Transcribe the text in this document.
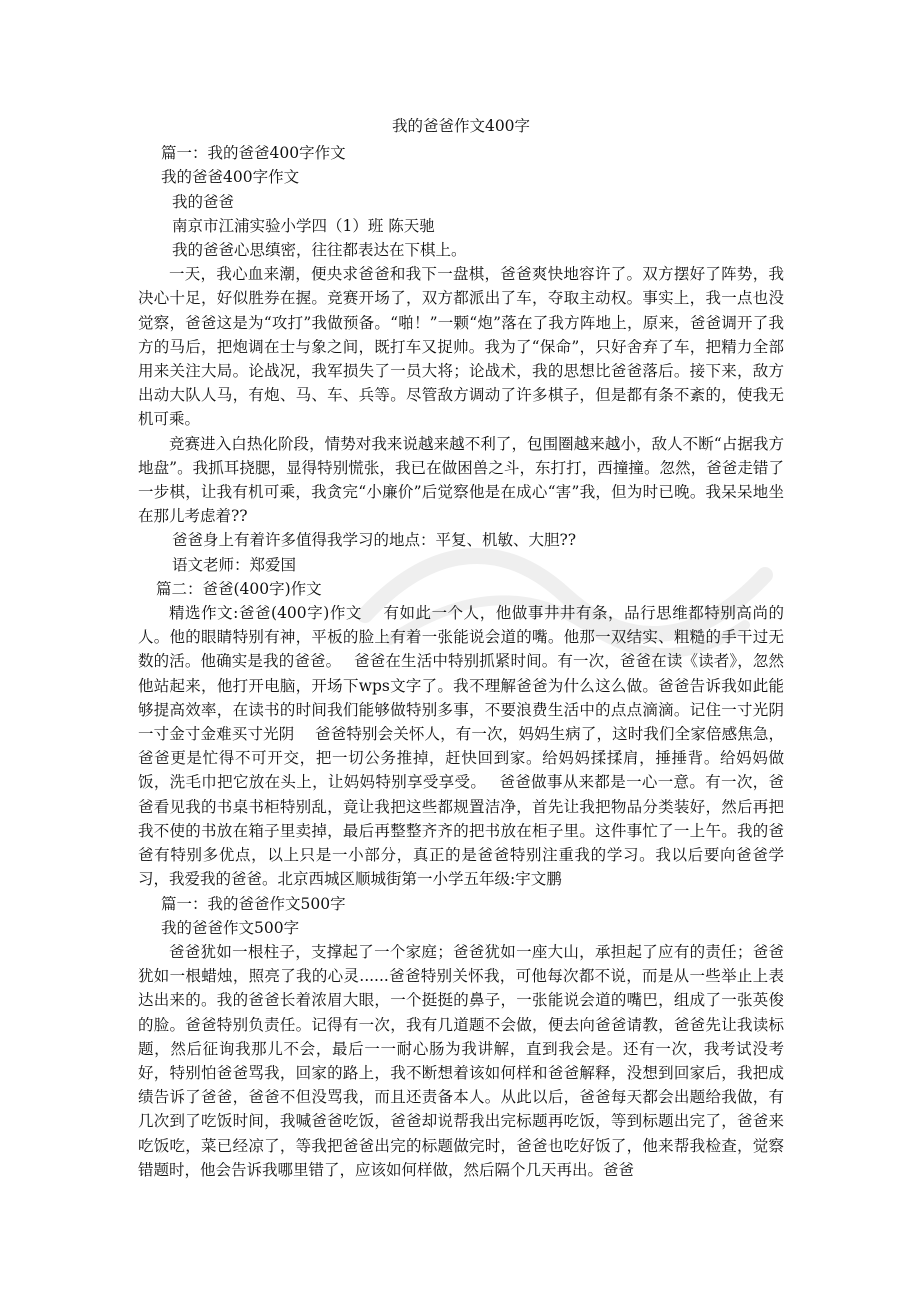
我的爸爸作文400字
篇一：我的爸爸400字作文
我的爸爸400字作文
我的爸爸
南京市江浦实验小学四（1）班 陈天驰
我的爸爸心思缜密，往往都表达在下棋上。
一天，我心血来潮，便央求爸爸和我下一盘棋，爸爸爽快地容许了。双方摆好了阵势，我决心十足，好似胜券在握。竞赛开场了，双方都派出了车，夺取主动权。事实上，我一点也没觉察，爸爸这是为“攻打”我做预备。“啪！”一颗“炮”落在了我方阵地上，原来，爸爸调开了我方的马后，把炮调在士与象之间，既打车又捉帅。我为了“保命”，只好舍弃了车，把精力全部用来关注大局。论战况，我军损失了一员大将；论战术，我的思想比爸爸落后。接下来，敌方出动大队人马，有炮、马、车、兵等。尽管敌方调动了许多棋子，但是都有条不紊的，使我无机可乘。
竞赛进入白热化阶段，情势对我来说越来越不利了，包围圈越来越小，敌人不断“占据我方地盘”。我抓耳挠腮，显得特别慌张，我已在做困兽之斗，东打打，西撞撞。忽然，爸爸走错了一步棋，让我有机可乘，我贪完“小廉价”后觉察他是在成心“害”我，但为时已晚。我呆呆地坐在那儿考虑着??
爸爸身上有着许多值得我学习的地点：平复、机敏、大胆??
语文老师：郑爱国
篇二：爸爸(400字)作文
精选作文:爸爸(400字)作文　 有如此一个人，他做事井井有条，品行思维都特别高尚的人。他的眼睛特别有神，平板的脸上有着一张能说会道的嘴。他那一双结实、粗糙的手干过无数的活。他确实是我的爸爸。　 爸爸在生活中特别抓紧时间。有一次，爸爸在读《读者》，忽然他站起来，他打开电脑，开场下wps文字了。我不理解爸爸为什么这么做。爸爸告诉我如此能够提高效率，在读书的时间我们能够做特别多事，不要浪费生活中的点点滴滴。记住一寸光阴一寸金寸金难买寸光阴　 爸爸特别会关怀人，有一次，妈妈生病了，这时我们全家倍感焦急，爸爸更是忙得不可开交，把一切公务推掉，赶快回到家。给妈妈揉揉肩，捶捶背。给妈妈做饭，洗毛巾把它放在头上，让妈妈特别享受享受。　 爸爸做事从来都是一心一意。有一次，爸爸看见我的书桌书柜特别乱，竟让我把这些都规置洁净，首先让我把物品分类装好，然后再把我不使的书放在箱子里卖掉，最后再整整齐齐的把书放在柜子里。这件事忙了一上午。我的爸爸有特别多优点，以上只是一小部分，真正的是爸爸特别注重我的学习。我以后要向爸爸学习，我爱我的爸爸。北京西城区顺城街第一小学五年级:宇文鹏
篇一：我的爸爸作文500字
我的爸爸作文500字
爸爸犹如一根柱子，支撑起了一个家庭；爸爸犹如一座大山，承担起了应有的责任；爸爸犹如一根蜡烛，照亮了我的心灵......爸爸特别关怀我，可他每次都不说，而是从一些举止上表达出来的。我的爸爸长着浓眉大眼，一个挺挺的鼻子，一张能说会道的嘴巴，组成了一张英俊的脸。爸爸特别负责任。记得有一次，我有几道题不会做，便去向爸爸请教，爸爸先让我读标题，然后征询我那儿不会，最后一一耐心肠为我讲解，直到我会是。还有一次，我考试没考好，特别怕爸爸骂我，回家的路上，我不断想着该如何样和爸爸解释，没想到回家后，我把成绩告诉了爸爸，爸爸不但没骂我，而且还责备本人。从此以后，爸爸每天都会出题给我做，有几次到了吃饭时间，我喊爸爸吃饭，爸爸却说帮我出完标题再吃饭，等到标题出完了，爸爸来吃饭吃，菜已经凉了，等我把爸爸出完的标题做完时，爸爸也吃好饭了，他来帮我检查，觉察错题时，他会告诉我哪里错了，应该如何样做，然后隔个几天再出。爸爸
